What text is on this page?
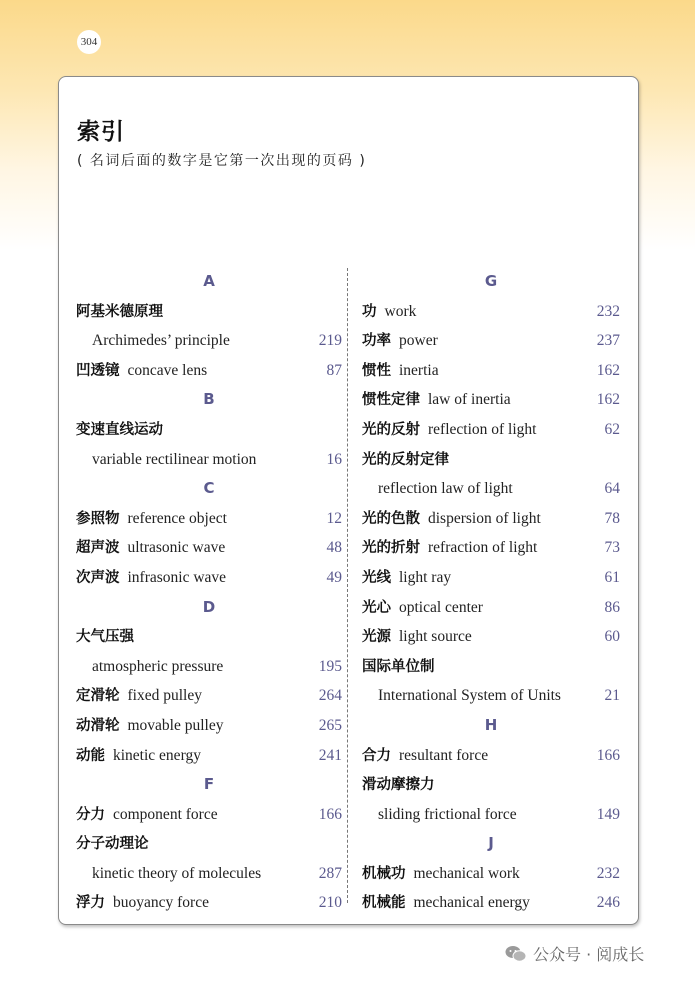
304
索引
( 名词后面的数字是它第一次出现的页码 )
A
阿基米德原理
Archimedes’ principle	219
凹透镜 concave lens	87
B
变速直线运动
variable rectilinear motion	16
C
参照物 reference object	12
超声波 ultrasonic wave	48
次声波 infrasonic wave	49
D
大气压强
atmospheric pressure	195
定滑轮 fixed pulley	264
动滑轮 movable pulley	265
动能 kinetic energy	241
F
分力 component force	166
分子动理论
kinetic theory of molecules	287
浮力 buoyancy force	210
G
功 work	232
功率 power	237
惯性 inertia	162
惯性定律 law of inertia	162
光的反射 reflection of light	62
光的反射定律
reflection law of light	64
光的色散 dispersion of light	78
光的折射 refraction of light	73
光线 light ray	61
光心 optical center	86
光源 light source	60
国际单位制
International System of Units	21
H
合力 resultant force	166
滑动摩擦力
sliding frictional force	149
J
机械功 mechanical work	232
机械能 mechanical energy	246
公众号 · 阅成长
